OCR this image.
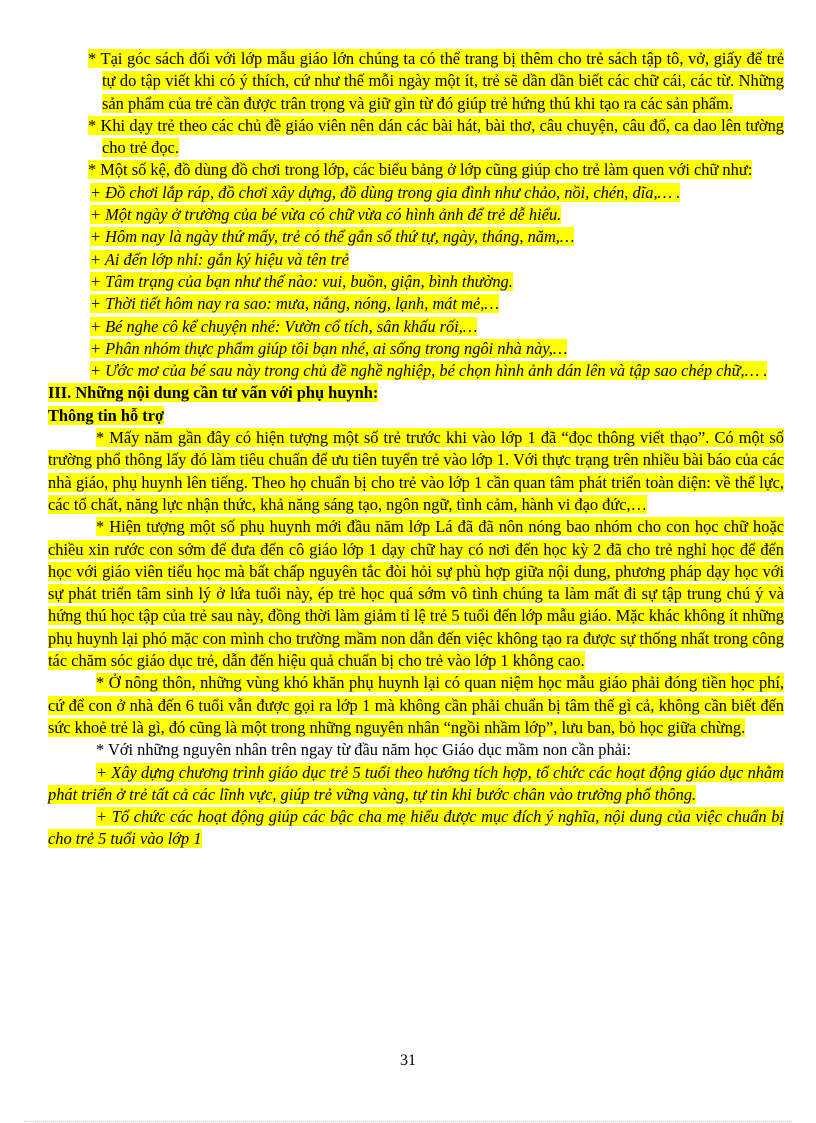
* Tại góc sách đối với lớp mẫu giáo lớn chúng ta có thể trang bị thêm cho trẻ sách tập tô, vở, giấy để trẻ tự do tập viết khi có ý thích, cứ như thế mỗi ngày một ít, trẻ sẽ dần dần biết các chữ cái, các từ. Những sản phẩm của trẻ cần được trân trọng và giữ gìn từ đó giúp trẻ hứng thú khi tạo ra các sản phẩm.

* Khi dạy trẻ theo các chủ đề giáo viên nên dán các bài hát, bài thơ, câu chuyện, câu đố, ca dao lên tường cho trẻ đọc.

* Một số kệ, đồ dùng đồ chơi trong lớp, các biểu bảng ở lớp cũng giúp cho trẻ làm quen với chữ như:

+ Đồ chơi lắp ráp, đồ chơi xây dựng, đồ dùng trong gia đình như chảo, nồi, chén, dĩa,… .

+ Một ngày ở trường của bé vừa có chữ vừa có hình ảnh để trẻ dễ hiểu.

+ Hôm nay là ngày thứ mấy, trẻ có thể gắn số thứ tự, ngày, tháng, năm,…

+ Ai đến lớp nhỉ: gắn ký hiệu và tên trẻ

+ Tâm trạng của bạn như thế nào: vui, buồn, giận, bình thường.

+ Thời tiết hôm nay ra sao: mưa, nắng, nóng, lạnh, mát mẻ,…

+ Bé nghe cô kể chuyện nhé: Vườn cổ tích, sân khấu rối,…

+ Phân nhóm thực phẩm giúp tôi bạn nhé, ai sống trong ngôi nhà này,…

+ Ước mơ của bé sau này trong chủ đề nghề nghiệp, bé chọn hình ảnh dán lên và tập sao chép chữ,… .

III. Những nội dung cần tư vấn với phụ huynh:

Thông tin hỗ trợ

* Mấy năm gần đây có hiện tượng một số trẻ trước khi vào lớp 1 đã “đọc thông viết thạo”. Có một số trường phổ thông lấy đó làm tiêu chuẩn để ưu tiên tuyển trẻ vào lớp 1. Với thực trạng trên nhiều bài báo của các nhà giáo, phụ huynh lên tiếng. Theo họ chuẩn bị cho trẻ vào lớp 1 cần quan tâm phát triển toàn diện: về thể lực, các tố chất, năng lực nhận thức, khả năng sáng tạo, ngôn ngữ, tình cảm, hành vi đạo đức,…

* Hiện tượng một số phụ huynh mới đầu năm lớp Lá đã đã nôn nóng bao nhóm cho con học chữ hoặc chiều xin rước con sớm để đưa đến cô giáo lớp 1 dạy chữ hay có nơi đến học kỳ 2 đã cho trẻ nghỉ học để đến học với giáo viên tiểu học mà bất chấp nguyên tắc đòi hỏi sự phù hợp giữa nội dung, phương pháp dạy học với sự phát triển tâm sinh lý ở lứa tuổi này, ép trẻ học quá sớm vô tình chúng ta làm mất đi sự tập trung chú ý và hứng thú học tập của trẻ sau này, đồng thời làm giảm tỉ lệ trẻ 5 tuổi đến lớp mẫu giáo. Mặc khác không ít những phụ huynh lại phó mặc con mình cho trường mầm non dẫn đến việc không tạo ra được sự thống nhất trong công tác chăm sóc giáo dục trẻ, dẫn đến hiệu quả chuẩn bị cho trẻ vào lớp 1 không cao.

* Ở nông thôn, những vùng khó khăn phụ huynh lại có quan niệm học mẫu giáo phải đóng tiền học phí, cứ để con ở nhà đến 6 tuổi vẫn được gọi ra lớp 1 mà không cần phải chuẩn bị tâm thế gì cả, không cần biết đến sức khoẻ trẻ là gì, đó cũng là một trong những nguyên nhân “ngồi nhầm lớp”, lưu ban, bỏ học giữa chừng.

* Với những nguyên nhân trên ngay từ đầu năm học Giáo dục mầm non cần phải:

+ Xây dựng chương trình giáo dục trẻ 5 tuổi theo hướng tích hợp, tổ chức các hoạt động giáo dục nhằm phát triển ở trẻ tất cả các lĩnh vực, giúp trẻ vững vàng, tự tin khi bước chân vào trường phổ thông.

+ Tổ chức các hoạt động giúp các bậc cha mẹ hiểu được mục đích ý nghĩa, nội dung của việc chuẩn bị cho trẻ 5 tuổi vào lớp 1

31
